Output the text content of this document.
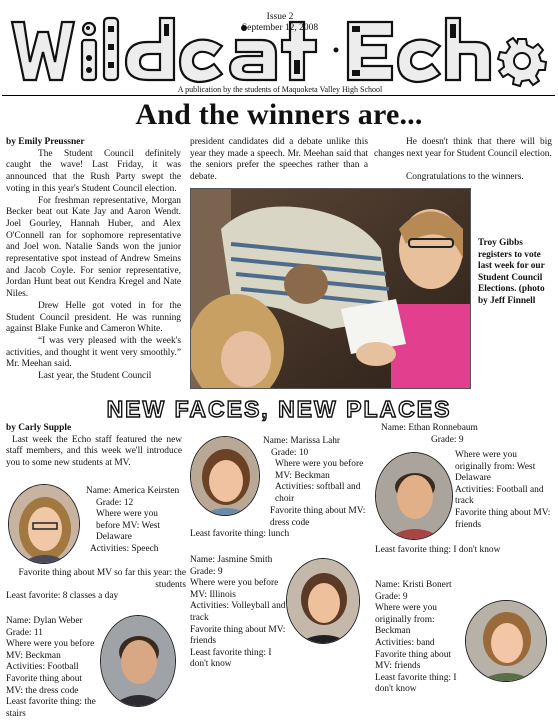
Issue 2
September 12, 2008
A publication by the students of Maquoketa Valley High School
And the winners are...
by Emily Preussner

The Student Council definitely caught the wave! Last Friday, it was announced that the Rush Party swept the voting in this year's Student Council election.

For freshman representative, Morgan Becker beat out Kate Jay and Aaron Wendt. Joel Gourley, Hannah Huber, and Alex O'Connell ran for sophomore representative and Joel won. Natalie Sands won the junior representative spot instead of Andrew Smeins and Jacob Coyle. For senior representative, Jordan Hunt beat out Kendra Kregel and Nate Niles.

Drew Helle got voted in for the Student Council president. He was running against Blake Funke and Cameron White.

“I was very pleased with the week's activities, and thought it went very smoothly.” Mr. Meehan said.

Last year, the Student Council

president candidates did a debate unlike this year they made a speech. Mr. Meehan said that the seniors prefer the speeches rather than a debate.

He doesn't think that there will big changes next year for Student Council election.

Congratulations to the winners.

Troy Gibbs registers to vote last week for our Student Council Elections. (photo by Jeff Finnell
NEW FACES, NEW PLACES
by Carly Supple

Last week the Echo staff featured the new staff members, and this week we'll introduce you to some new students at MV.

Name: America Keirsten
Grade: 12
Where were you before MV: West Delaware
Activities: Speech
Favorite thing about MV so far this year: the students
Least favorite: 8 classes a day
Name: Dylan Weber
Grade: 11
Where were you before MV: Beckman
Activities: Football
Favorite thing about MV: the dress code
Least favorite thing: the stairs
Name: Marissa Lahr
Grade: 10
Where were you before MV: Beckman
Activities: softball and choir
Favorite thing about MV: dress code
Least favorite thing: lunch
Name: Jasmine Smith
Grade: 9
Where were you before MV: Illinois
Activities: Volleyball and track
Favorite thing about MV: friends
Least favorite thing: I don't know
Name: Ethan Ronnebaum
Grade: 9
Where were you originally from: West Delaware
Activities: Football and track
Favorite thing about MV: friends
Least favorite thing: I don't know
Name: Kristi Bonert
Grade: 9
Where were you originally from: Beckman
Activities: band
Favorite thing about MV: friends
Least favorite thing: I don't know
